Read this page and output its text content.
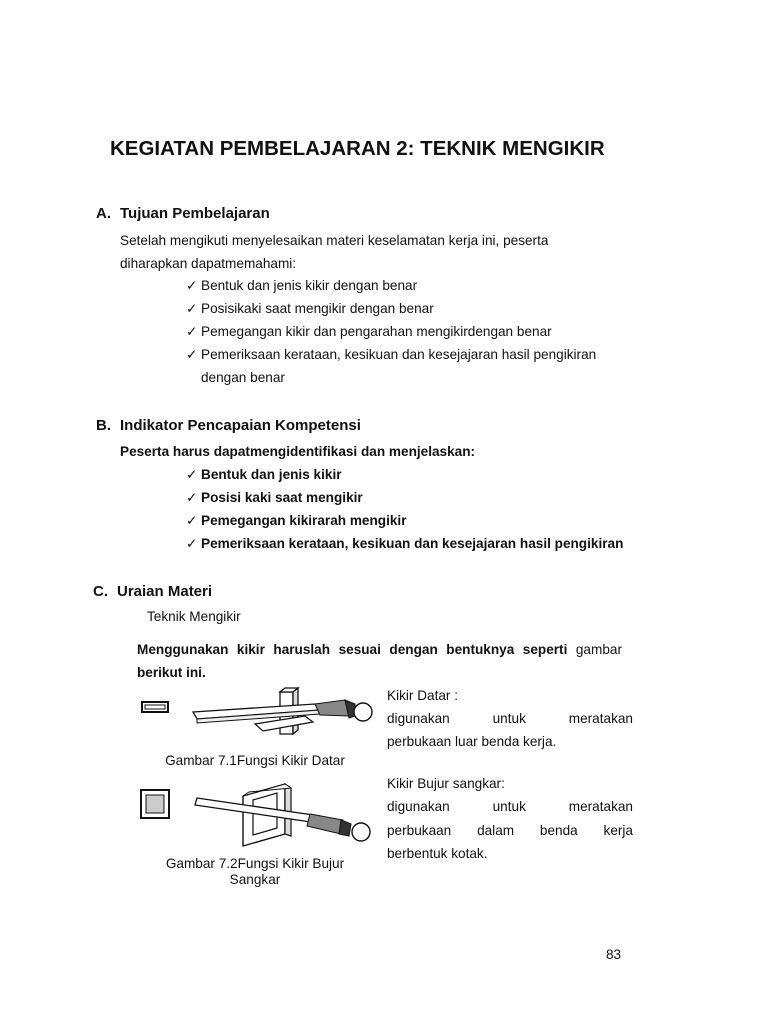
KEGIATAN PEMBELAJARAN 2: TEKNIK MENGIKIR
A. Tujuan Pembelajaran
Setelah mengikuti menyelesaikan materi keselamatan kerja ini, peserta
diharapkan dapatmemahami:
✓ Bentuk dan jenis kikir dengan benar
✓ Posisikaki saat mengikir dengan benar
✓ Pemegangan kikir dan pengarahan mengikirdengan benar
✓ Pemeriksaan kerataan, kesikuan dan kesejajaran hasil pengikiran
dengan benar
B. Indikator Pencapaian Kompetensi
Peserta harus dapatmengidentifikasi dan menjelaskan:
✓ Bentuk dan jenis kikir
✓ Posisi kaki saat mengikir
✓ Pemegangan kikirarah mengikir
✓ Pemeriksaan kerataan, kesikuan dan kesejajaran hasil pengikiran
C. Uraian Materi
Teknik Mengikir
Menggunakan kikir haruslah sesuai dengan bentuknya seperti gambar
berikut ini.
Kikir Datar :
digunakan	untuk	meratakan
perbukaan luar benda kerja.
Gambar 7.1Fungsi Kikir Datar
Kikir Bujur sangkar:
digunakan	untuk	meratakan
perbukaan dalam benda kerja
berbentuk kotak.
Gambar 7.2Fungsi Kikir Bujur
Sangkar
83
